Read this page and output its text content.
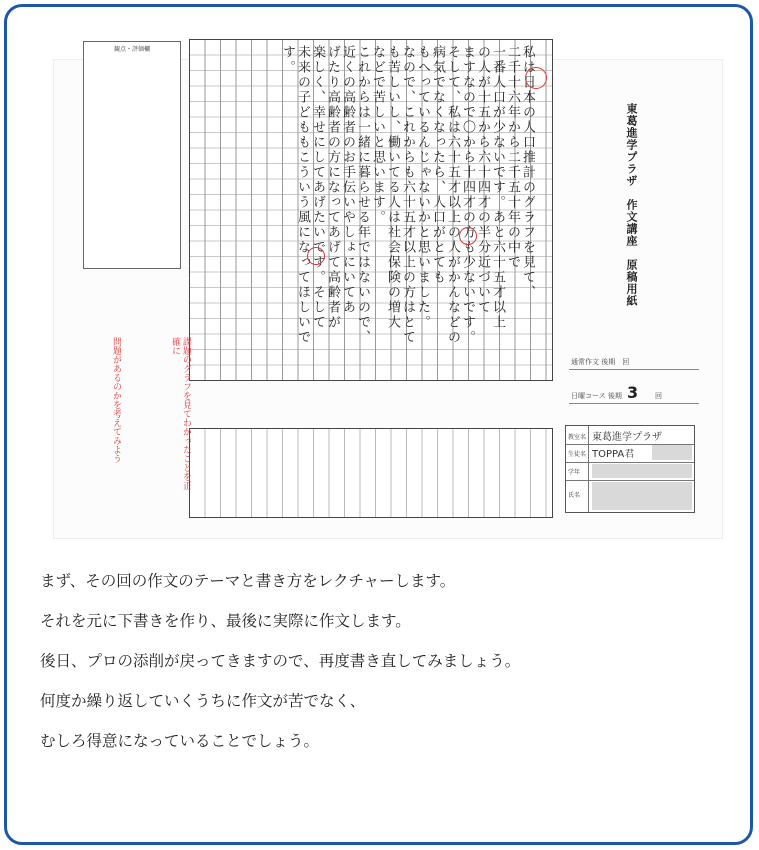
観点・評価欄	私は日本の人口推計のグラフを見て、
二千十六年から二千五十年の中で
一番人口が少ないです。あと六十五才以上
の人が十五から六十四才の半分近づいて
ますなので〇から十四才の方も少ないです。
そして、私は六十五才以上の人がかんなどの
病気でなくなったら、人口がとても
もへっているんじゃないかと思いました。
なので、これからも六十五才以上の方はとて
も苦しいし、働いてる人は社会保険の増大
などで苦しいと思います。
これからは一緒に暮らせる年ではないので、
近くの高齢者のお手伝いやしょにいてあ
げたり高齢者の方になってあげて高齢者が
楽しく、幸せにしてあげたいです。そして
未来の子どももこういう風になってほしいで
す。
課題のグラフを見てわかったことを正確に
問題があるのかを考えてみよう
東葛進学プラザ　作文講座　原稿用紙
通常作文 後期　 回
日曜コース 後期 3 回
教室名 東葛進学プラザ
生徒名 TOPPA君
学年
氏名

まず、その回の作文のテーマと書き方をレクチャーします。

それを元に下書きを作り、最後に実際に作文します。

後日、プロの添削が戻ってきますので、再度書き直してみましょう。

何度か繰り返していくうちに作文が苦でなく、

むしろ得意になっていることでしょう。
